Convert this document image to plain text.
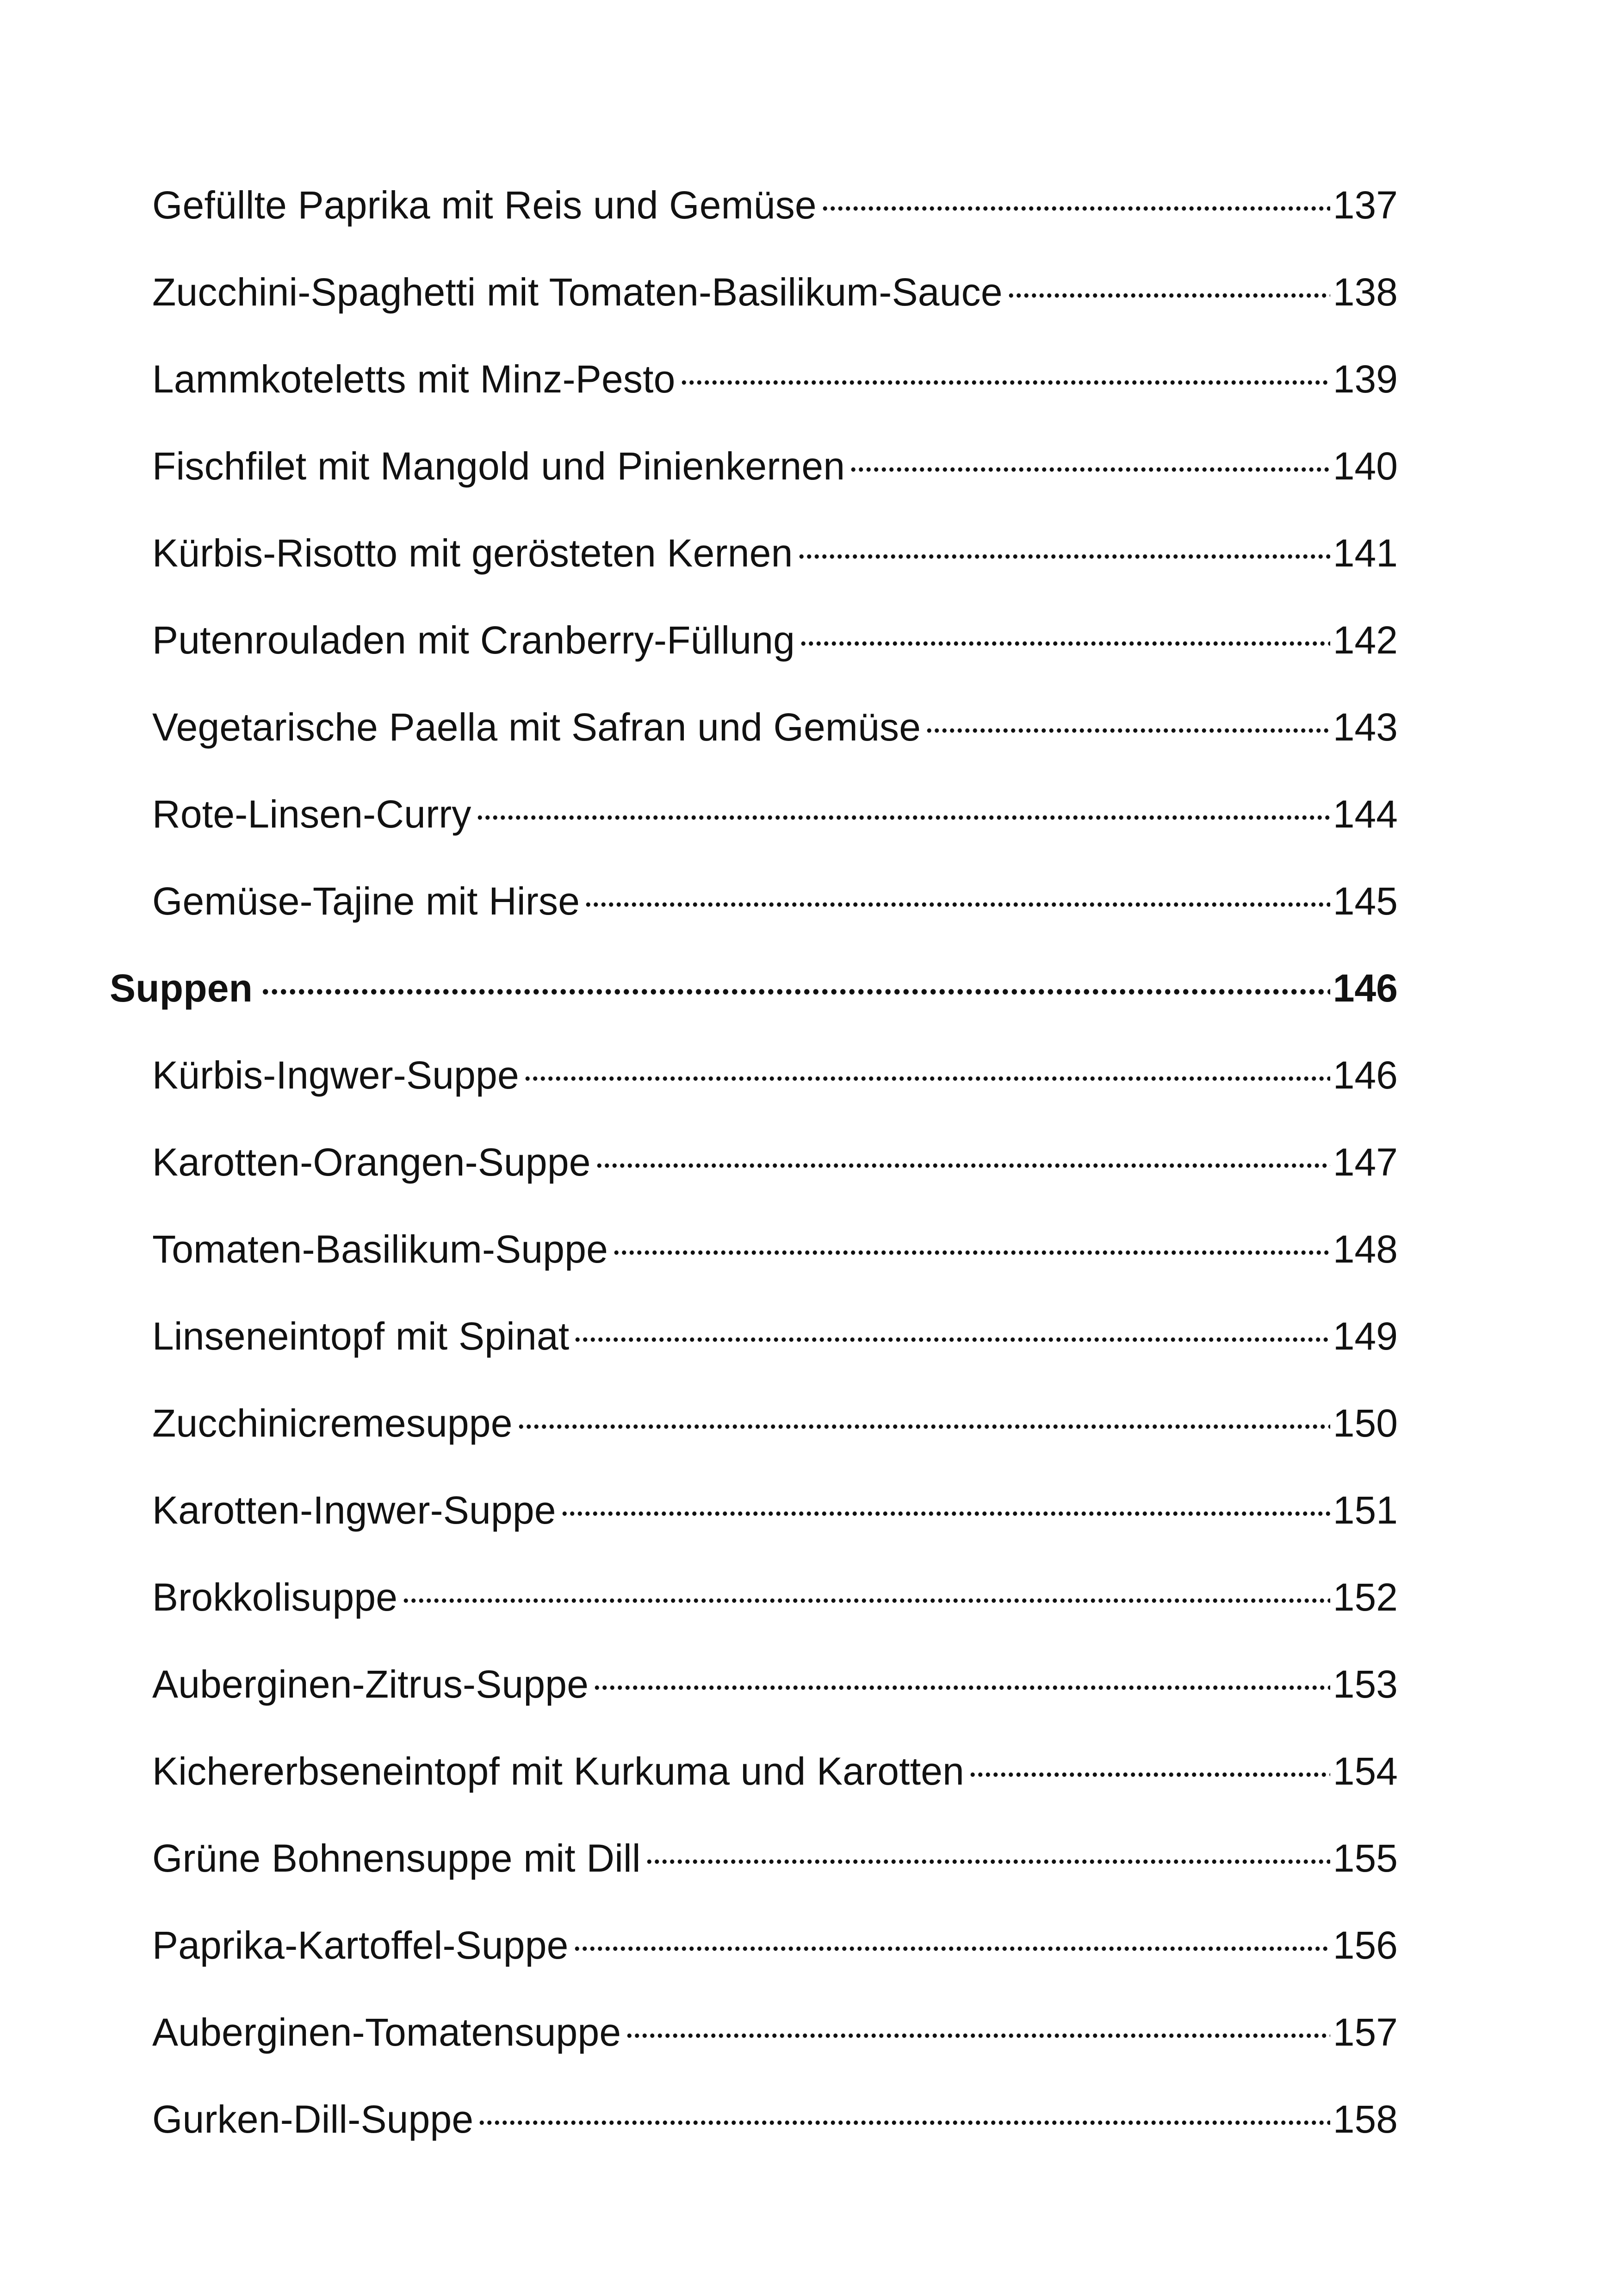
Gefüllte Paprika mit Reis und Gemüse	137
Zucchini-Spaghetti mit Tomaten-Basilikum-Sauce	138
Lammkoteletts mit Minz-Pesto	139
Fischfilet mit Mangold und Pinienkernen	140
Kürbis-Risotto mit gerösteten Kernen	141
Putenrouladen mit Cranberry-Füllung	142
Vegetarische Paella mit Safran und Gemüse	143
Rote-Linsen-Curry	144
Gemüse-Tajine mit Hirse	145
Suppen	146
Kürbis-Ingwer-Suppe	146
Karotten-Orangen-Suppe	147
Tomaten-Basilikum-Suppe	148
Linseneintopf mit Spinat	149
Zucchinicremesuppe	150
Karotten-Ingwer-Suppe	151
Brokkolisuppe	152
Auberginen-Zitrus-Suppe	153
Kichererbseneintopf mit Kurkuma und Karotten	154
Grüne Bohnensuppe mit Dill	155
Paprika-Kartoffel-Suppe	156
Auberginen-Tomatensuppe	157
Gurken-Dill-Suppe	158
